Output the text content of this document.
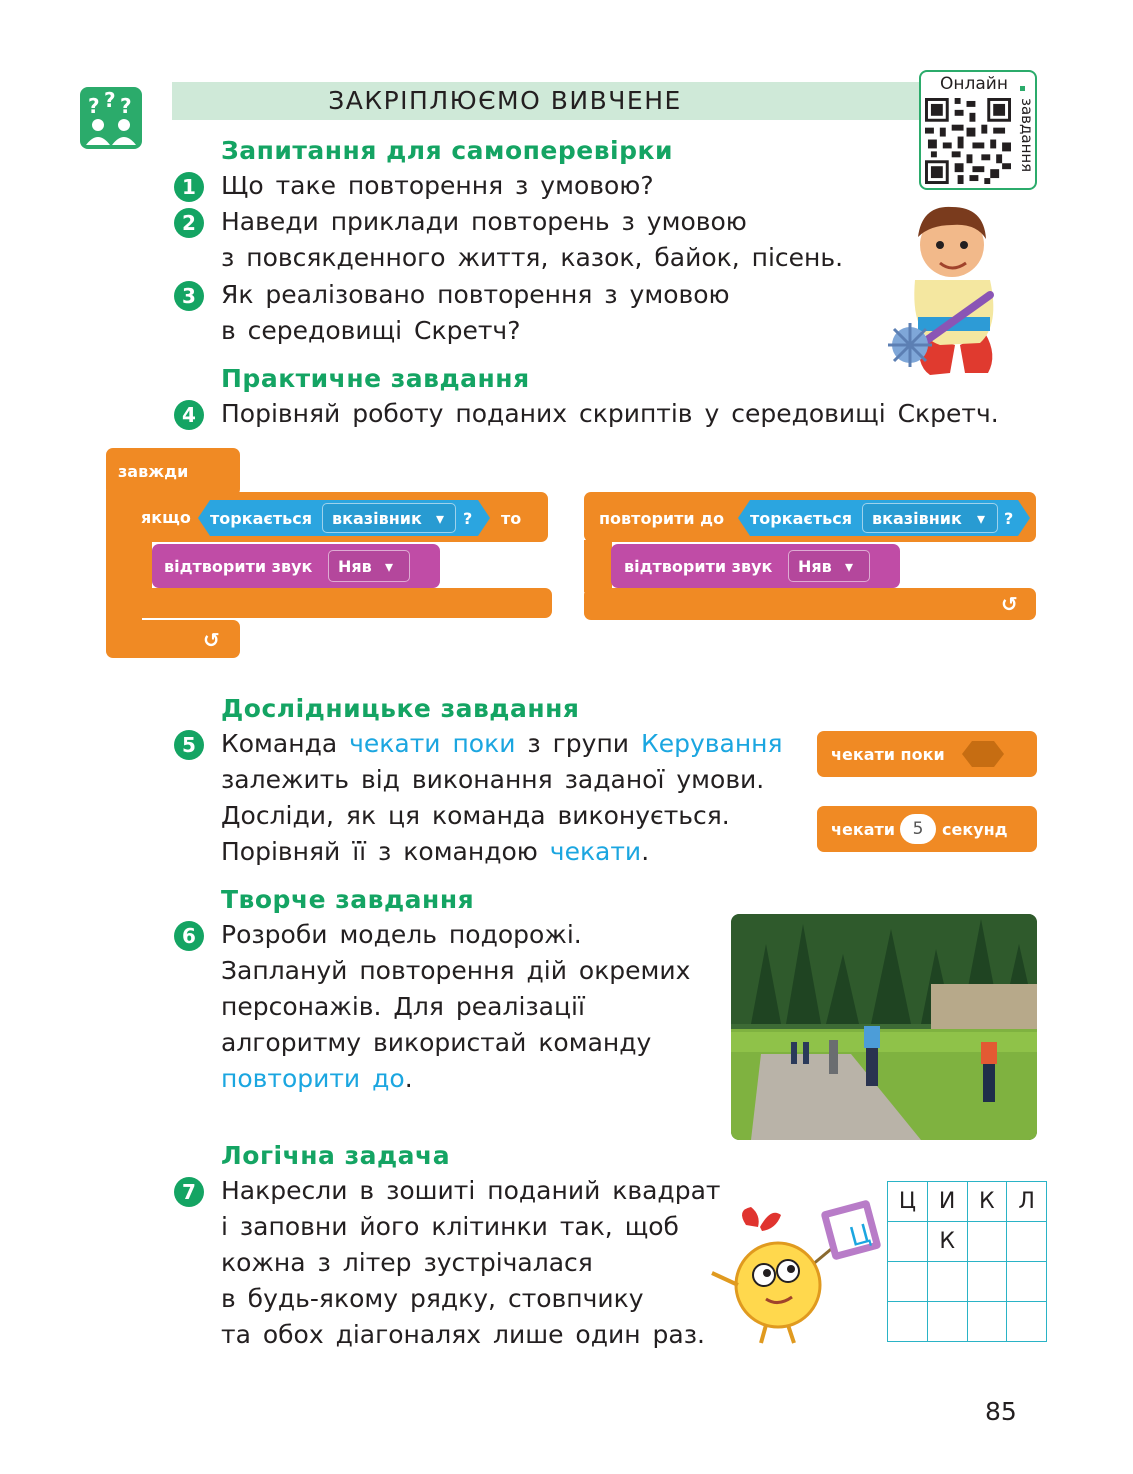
? ? ?	ЗАКРІПЛЮЄМО ВИВЧЕНЕ
Онлайн
завдання
Запитання для самоперевірки
1	Що таке повторення з умовою?
2	Наведи приклади повторень з умовою
з повсякденного життя, казок, байок, пісень.
3	Як реалізовано повторення з умовою
в середовищі Скретч?
Практичне завдання
4	Порівняй роботу поданих скриптів у середовищі Скретч.
завжди
↺
якщо торкається вказівник ▾ ? то
відтворити звук Няв ▾
повторити до
↺
торкається вказівник ▾ ?
відтворити звук Няв ▾
Дослідницьке завдання
5	Команда чекати поки з групи Керування
залежить від виконання заданої умови.
Досліди, як ця команда виконується.
Порівняй її з командою чекати.
чекати поки
чекати	5	секунд
Творче завдання
6	Розроби модель подорожі.
Заплануй повторення дій окремих
персонажів. Для реалізації
алгоритму використай команду
повторити до.
Логічна задача
7	Накресли в зошиті поданий квадрат
і заповни його клітинки так, щоб
кожна з літер зустрічалася
в будь-якому рядку, стовпчику
та обох діагоналях лише один раз.
Ц
Ц	И	К	Л
	К		

85
